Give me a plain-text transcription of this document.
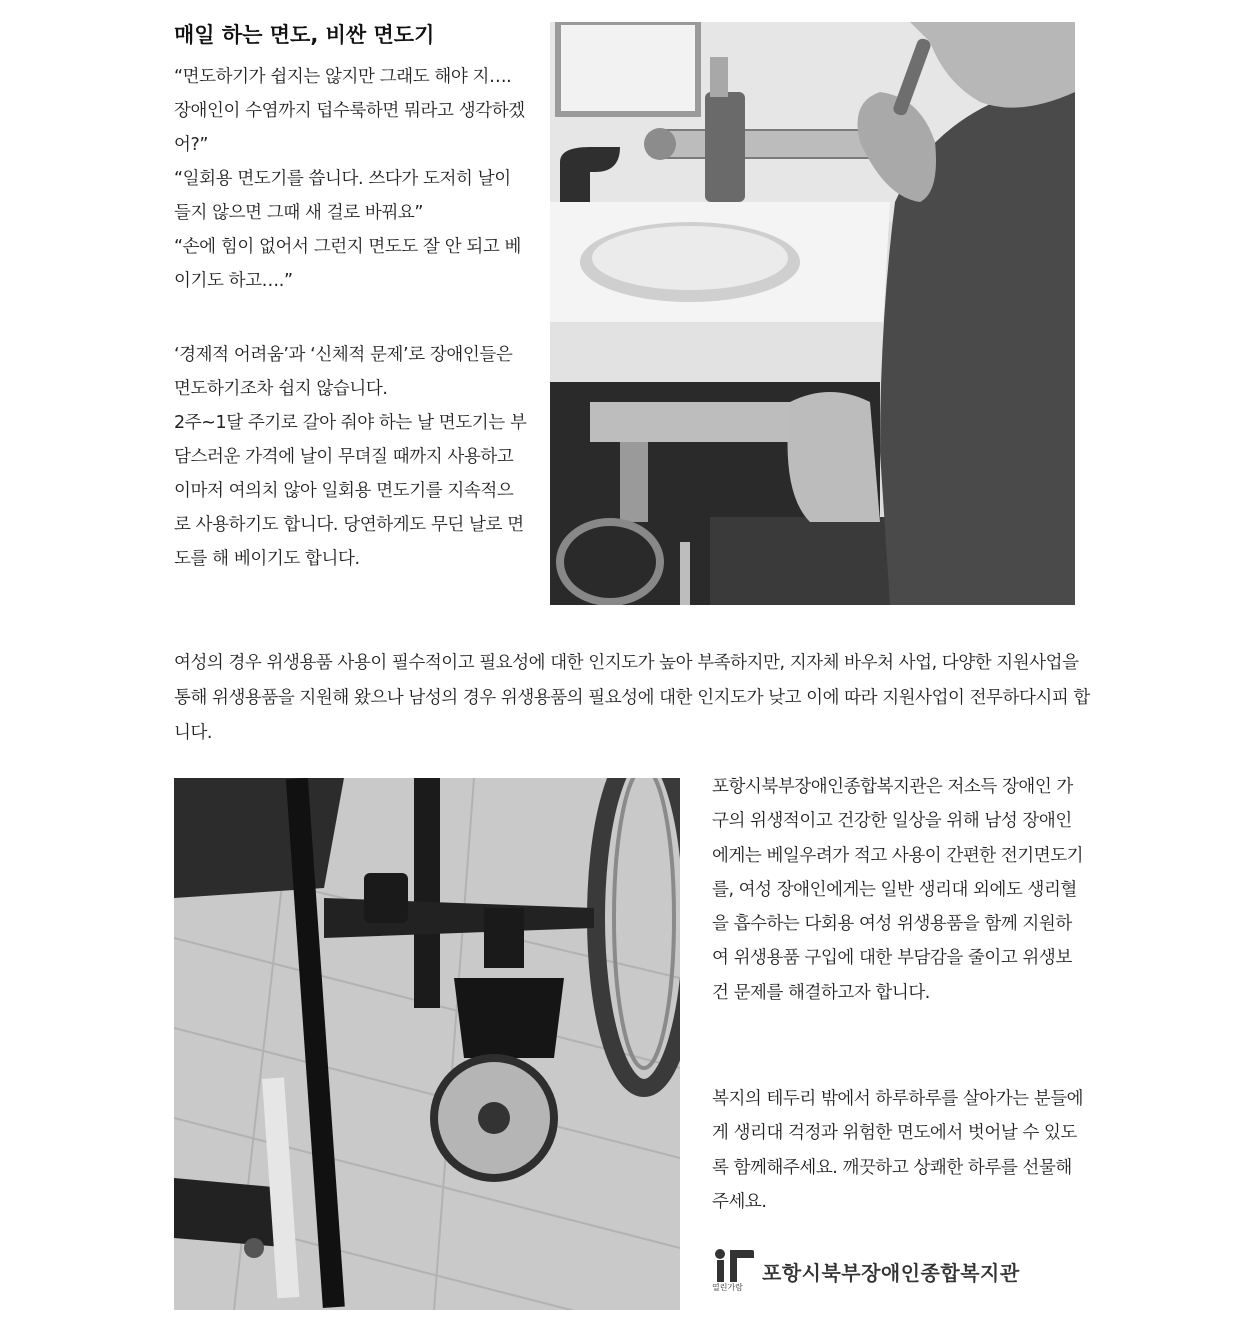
매일 하는 면도, 비싼 면도기

“면도하기가 쉽지는 않지만 그래도 해야 지…. 장애인이 수염까지 덥수룩하면 뭐라고 생각하겠어?”

“일회용 면도기를 씁니다. 쓰다가 도저히 날이 들지 않으면 그때 새 걸로 바꿔요”

“손에 힘이 없어서 그런지 면도도 잘 안 되고 베이기도 하고….”

‘경제적 어려움’과 ‘신체적 문제’로 장애인들은 면도하기조차 쉽지 않습니다.

2주~1달 주기로 갈아 줘야 하는 날 면도기는 부담스러운 가격에 날이 무뎌질 때까지 사용하고 이마저 여의치 않아 일회용 면도기를 지속적으로 사용하기도 합니다. 당연하게도 무딘 날로 면도를 해 베이기도 합니다.

여성의 경우 위생용품 사용이 필수적이고 필요성에 대한 인지도가 높아 부족하지만, 지자체 바우처 사업, 다양한 지원사업을 통해 위생용품을 지원해 왔으나 남성의 경우 위생용품의 필요성에 대한 인지도가 낮고 이에 따라 지원사업이 전무하다시피 합니다.
포항시북부장애인종합복지관은 저소득 장애인 가구의 위생적이고 건강한 일상을 위해 남성 장애인에게는 베일우려가 적고 사용이 간편한 전기면도기를, 여성 장애인에게는 일반 생리대 외에도 생리혈을 흡수하는 다회용 여성 위생용품을 함께 지원하여 위생용품 구입에 대한 부담감을 줄이고 위생보건 문제를 해결하고자 합니다.
복지의 테두리 밖에서 하루하루를 살아가는 분들에게 생리대 걱정과 위험한 면도에서 벗어날 수 있도록 함께해주세요. 깨끗하고 상쾌한 하루를 선물해 주세요.
열린가람
포항시북부장애인종합복지관
